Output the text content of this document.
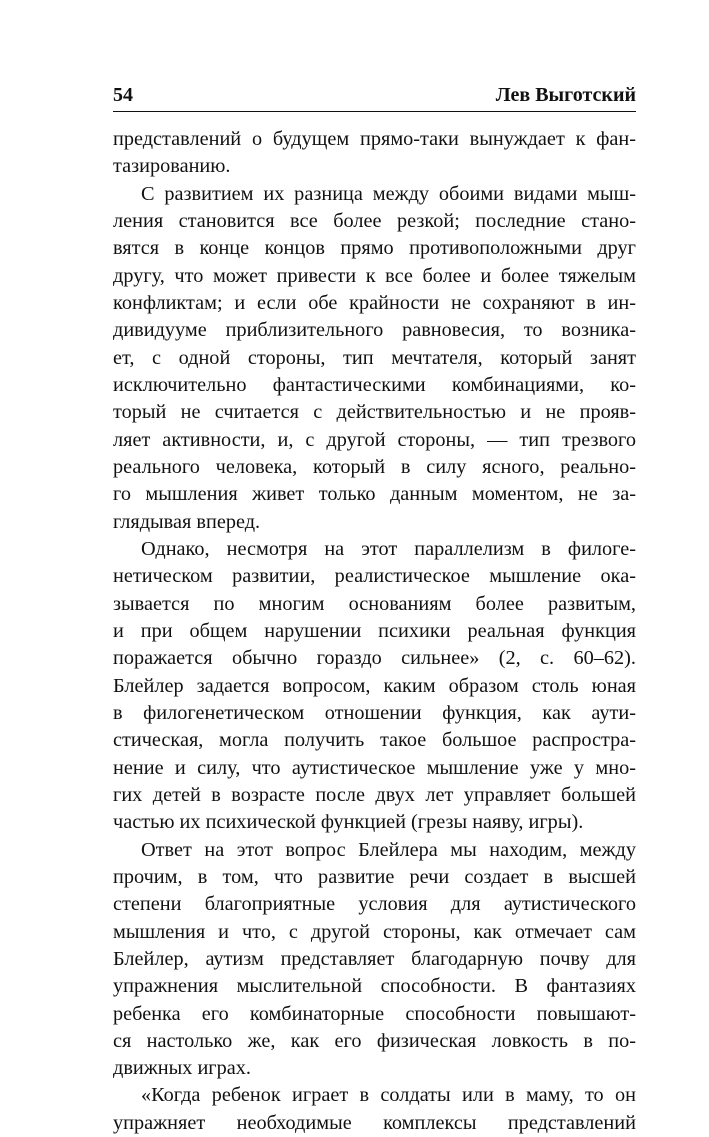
54	Лев Выготский
представлений о будущем прямо-таки вынуждает к фан-
тазированию.
С развитием их разница между обоими видами мыш-
ления становится все более резкой; последние стано-
вятся в конце концов прямо противоположными друг
другу, что может привести к все более и более тяжелым
конфликтам; и если обе крайности не сохраняют в ин-
дивидууме приблизительного равновесия, то возника-
ет, с одной стороны, тип мечтателя, который занят
исключительно фантастическими комбинациями, ко-
торый не считается с действительностью и не прояв-
ляет активности, и, с другой стороны, — тип трезвого
реального человека, который в силу ясного, реально-
го мышления живет только данным моментом, не за-
глядывая вперед.
Однако, несмотря на этот параллелизм в филоге-
нетическом развитии, реалистическое мышление ока-
зывается по многим основаниям более развитым,
и при общем нарушении психики реальная функция
поражается обычно гораздо сильнее» (2, с. 60–62).
Блейлер задается вопросом, каким образом столь юная
в филогенетическом отношении функция, как аути-
стическая, могла получить такое большое распростра-
нение и силу, что аутистическое мышление уже у мно-
гих детей в возрасте после двух лет управляет большей
частью их психической функцией (грезы наяву, игры).
Ответ на этот вопрос Блейлера мы находим, между
прочим, в том, что развитие речи создает в высшей
степени благоприятные условия для аутистического
мышления и что, с другой стороны, как отмечает сам
Блейлер, аутизм представляет благодарную почву для
упражнения мыслительной способности. В фантазиях
ребенка его комбинаторные способности повышают-
ся настолько же, как его физическая ловкость в по-
движных играх.
«Когда ребенок играет в солдаты или в маму, то он
упражняет необходимые комплексы представлений
